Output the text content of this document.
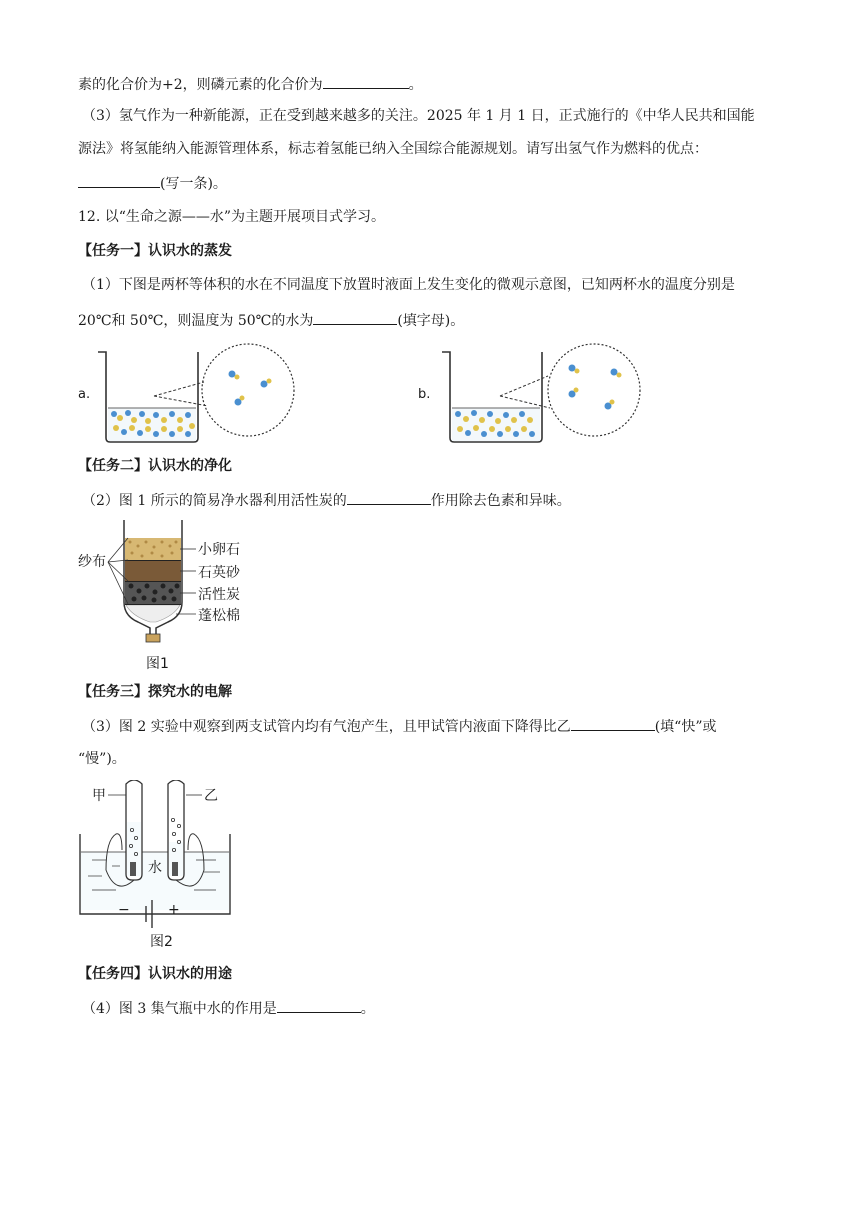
素的化合价为+2，则磷元素的化合价为	。
（3）氢气作为一种新能源，正在受到越来越多的关注。2025 年 1 月 1 日，正式施行的《中华人民共和国能
源法》将氢能纳入能源管理体系，标志着氢能已纳入全国综合能源规划。请写出氢气作为燃料的优点：
(写一条)。
12. 以“生命之源——水”为主题开展项目式学习。
【任务一】认识水的蒸发
（1）下图是两杯等体积的水在不同温度下放置时液面上发生变化的微观示意图，已知两杯水的温度分别是
20℃和 50℃，则温度为 50℃的水为	(填字母)。
a.	b.
【任务二】认识水的净化
（2）图 1 所示的简易净水器利用活性炭的	作用除去色素和异味。
纱布
小卵石
石英砂
活性炭
蓬松棉
图1
【任务三】探究水的电解
（3）图 2 实验中观察到两支试管内均有气泡产生，且甲试管内液面下降得比乙	(填“快”或
“慢”)。
甲	乙
水
−	+
图2
【任务四】认识水的用途
（4）图 3 集气瓶中水的作用是	。
